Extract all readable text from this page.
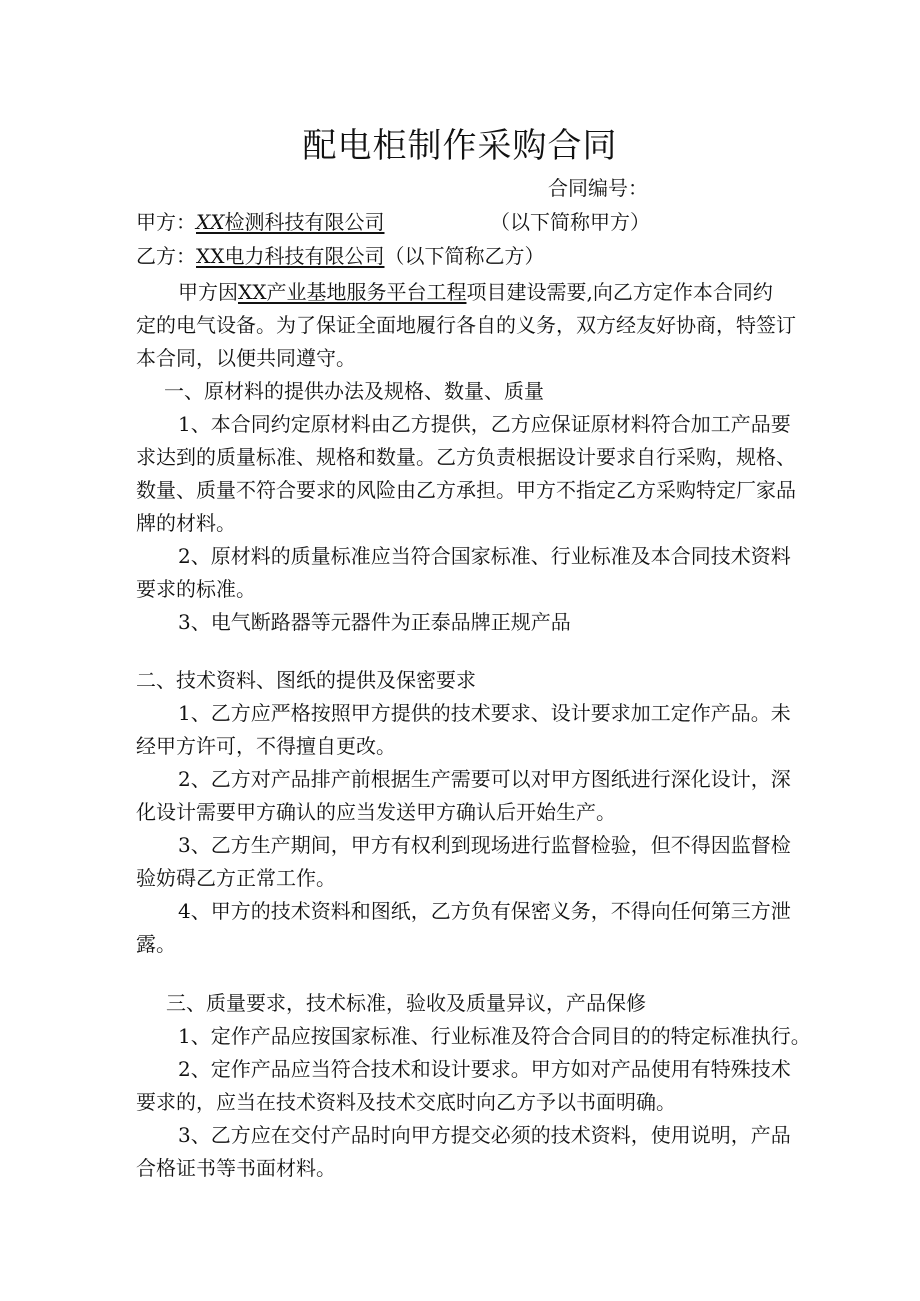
配电柜制作采购合同
合同编号：
甲方：XX检测科技有限公司	（以下简称甲方）
乙方：XX电力科技有限公司（以下简称乙方）
甲方因XX产业基地服务平台工程项目建设需要,向乙方定作本合同约
定的电气设备。为了保证全面地履行各自的义务，双方经友好协商，特签订
本合同，以便共同遵守。
一、原材料的提供办法及规格、数量、质量
1、本合同约定原材料由乙方提供，乙方应保证原材料符合加工产品要
求达到的质量标准、规格和数量。乙方负责根据设计要求自行采购，规格、
数量、质量不符合要求的风险由乙方承担。甲方不指定乙方采购特定厂家品
牌的材料。
2、原材料的质量标准应当符合国家标准、行业标准及本合同技术资料
要求的标准。
3、电气断路器等元器件为正泰品牌正规产品
二、技术资料、图纸的提供及保密要求
1、乙方应严格按照甲方提供的技术要求、设计要求加工定作产品。未
经甲方许可，不得擅自更改。
2、乙方对产品排产前根据生产需要可以对甲方图纸进行深化设计，深
化设计需要甲方确认的应当发送甲方确认后开始生产。
3、乙方生产期间，甲方有权利到现场进行监督检验，但不得因监督检
验妨碍乙方正常工作。
4、甲方的技术资料和图纸，乙方负有保密义务，不得向任何第三方泄
露。
三、质量要求，技术标准，验收及质量异议，产品保修
1、定作产品应按国家标准、行业标准及符合合同目的的特定标准执行。
2、定作产品应当符合技术和设计要求。甲方如对产品使用有特殊技术
要求的，应当在技术资料及技术交底时向乙方予以书面明确。
3、乙方应在交付产品时向甲方提交必须的技术资料，使用说明，产品
合格证书等书面材料。
